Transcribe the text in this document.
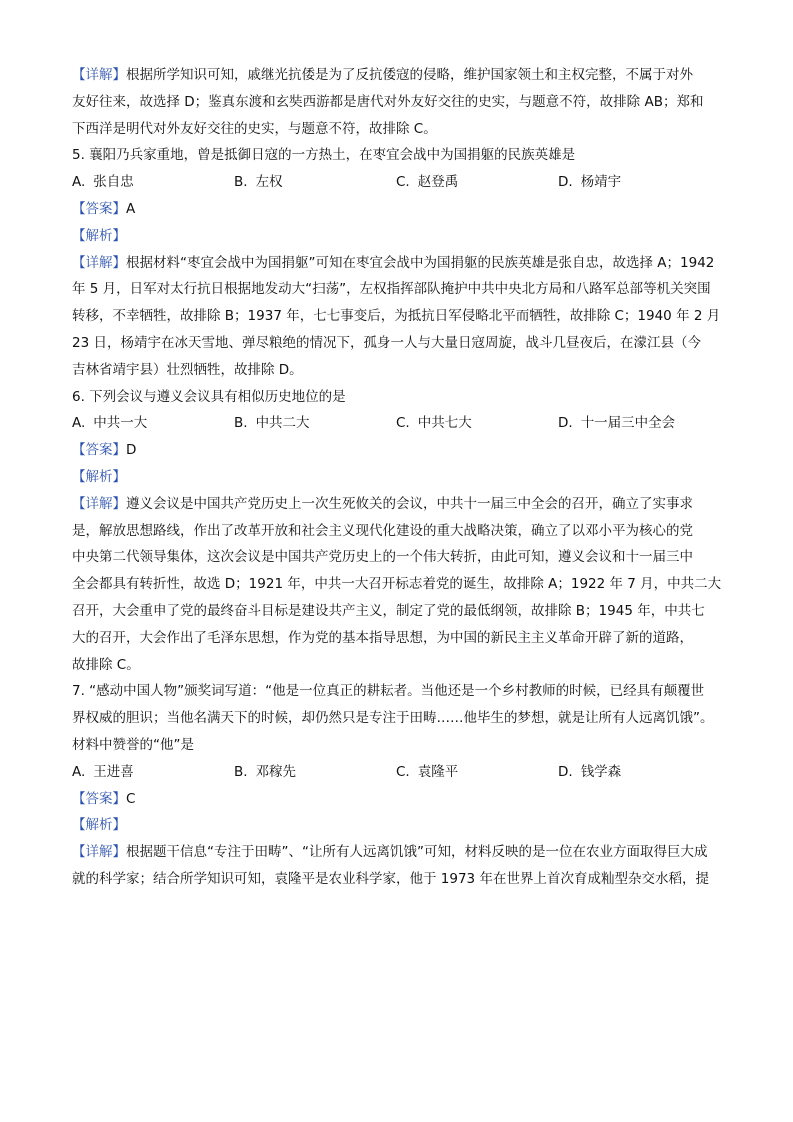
【详解】根据所学知识可知，戚继光抗倭是为了反抗倭寇的侵略，维护国家领土和主权完整，不属于对外
友好往来，故选择 D；鉴真东渡和玄奘西游都是唐代对外友好交往的史实，与题意不符，故排除 AB；郑和
下西洋是明代对外友好交往的史实，与题意不符，故排除 C。

5. 襄阳乃兵家重地，曾是抵御日寇的一方热土，在枣宜会战中为国捐躯的民族英雄是

A. 张自忠	B. 左权	C. 赵登禹	D. 杨靖宇

【答案】A

【解析】

【详解】根据材料“枣宜会战中为国捐躯”可知在枣宜会战中为国捐躯的民族英雄是张自忠，故选择 A；1942
年 5 月，日军对太行抗日根据地发动大“扫荡”，左权指挥部队掩护中共中央北方局和八路军总部等机关突围
转移，不幸牺牲，故排除 B；1937 年，七七事变后，为抵抗日军侵略北平而牺牲，故排除 C；1940 年 2 月
23 日，杨靖宇在冰天雪地、弹尽粮绝的情况下，孤身一人与大量日寇周旋，战斗几昼夜后，在濛江县（今
吉林省靖宇县）壮烈牺牲，故排除 D。

6. 下列会议与遵义会议具有相似历史地位的是

A. 中共一大	B. 中共二大	C. 中共七大	D. 十一届三中全会

【答案】D

【解析】

【详解】遵义会议是中国共产党历史上一次生死攸关的会议，中共十一届三中全会的召开，确立了实事求
是，解放思想路线，作出了改革开放和社会主义现代化建设的重大战略决策，确立了以邓小平为核心的党
中央第二代领导集体，这次会议是中国共产党历史上的一个伟大转折，由此可知，遵义会议和十一届三中
全会都具有转折性，故选 D；1921 年，中共一大召开标志着党的诞生，故排除 A；1922 年 7 月，中共二大
召开，大会重申了党的最终奋斗目标是建设共产主义，制定了党的最低纲领，故排除 B；1945 年，中共七
大的召开，大会作出了毛泽东思想，作为党的基本指导思想，为中国的新民主主义革命开辟了新的道路，
故排除 C。
7. “感动中国人物”颁奖词写道：“他是一位真正的耕耘者。当他还是一个乡村教师的时候，已经具有颠覆世
界权威的胆识；当他名满天下的时候，却仍然只是专注于田畴……他毕生的梦想，就是让所有人远离饥饿”。
材料中赞誉的“他”是
A. 王进喜	B. 邓稼先	C. 袁隆平	D. 钱学森

【答案】C

【解析】

【详解】根据题干信息“专注于田畴”、“让所有人远离饥饿”可知，材料反映的是一位在农业方面取得巨大成
就的科学家；结合所学知识可知，袁隆平是农业科学家，他于 1973 年在世界上首次育成籼型杂交水稻，提
